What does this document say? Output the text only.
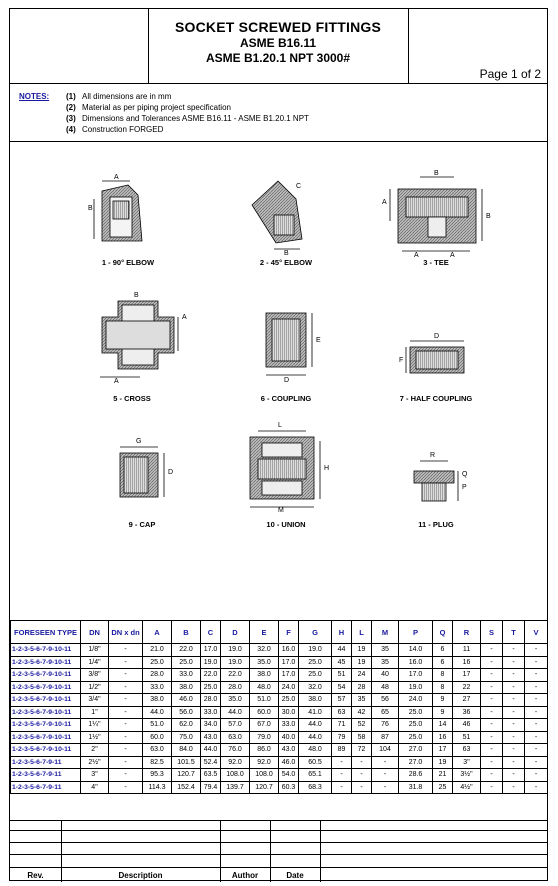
SOCKET SCREWED FITTINGS
ASME B16.11
ASME B1.20.1 NPT 3000#
Page 1 of 2
NOTES: (1) All dimensions are in mm
(2) Material as per piping project specification
(3) Dimensions and Tolerances ASME B16.11 - ASME B1.20.1 NPT
(4) Construction FORGED
A
B
C
B
B
A
B
A	A
B
A
A
E
D
D
F
G
D
L
H
M
R
Q
P
1 - 90° ELBOW	2 - 45° ELBOW	3 - TEE
5 - CROSS	6 - COUPLING	7 - HALF COUPLING
9 - CAP	10 - UNION	11 - PLUG
FORESEEN TYPE	DN	DN x dn	A	B	C	D	E	F	G	H	L	M	P	Q	R	S	T	V
1-2-3-5-6-7-9-10-11	1/8"	-	21.0	22.0	17.0	19.0	32.0	16.0	19.0	44	19	35	14.0	6	11	-	-	-
1-2-3-5-6-7-9-10-11	1/4"	-	25.0	25.0	19.0	19.0	35.0	17.0	25.0	45	19	35	16.0	6	16	-	-	-
1-2-3-5-6-7-9-10-11	3/8"	-	28.0	33.0	22.0	22.0	38.0	17.0	25.0	51	24	40	17.0	8	17	-	-	-
1-2-3-5-6-7-9-10-11	1/2"	-	33.0	38.0	25.0	28.0	48.0	24.0	32.0	54	28	48	19.0	8	22	-	-	-
1-2-3-5-6-7-9-10-11	3/4"	-	38.0	46.0	28.0	35.0	51.0	25.0	38.0	57	35	56	24.0	9	27	-	-	-
1-2-3-5-6-7-9-10-11	1"	-	44.0	56.0	33.0	44.0	60.0	30.0	41.0	63	42	65	25.0	9	36	-	-	-
1-2-3-5-6-7-9-10-11	1¼"	-	51.0	62.0	34.0	57.0	67.0	33.0	44.0	71	52	76	25.0	14	46	-	-	-
1-2-3-5-6-7-9-10-11	1½"	-	60.0	75.0	43.0	63.0	79.0	40.0	44.0	79	58	87	25.0	16	51	-	-	-
1-2-3-5-6-7-9-10-11	2"	-	63.0	84.0	44.0	76.0	86.0	43.0	48.0	89	72	104	27.0	17	63	-	-	-
1-2-3-5-6-7-9-11	2½"	-	82.5	101.5	52.4	92.0	92.0	46.0	60.5	-	-	-	27.0	19	3"	-	-	-
1-2-3-5-6-7-9-11	3"	-	95.3	120.7	63.5	108.0	108.0	54.0	65.1	-	-	-	28.6	21	3½"	-	-	-
1-2-3-5-6-7-9-11	4"	-	114.3	152.4	79.4	139.7	120.7	60.3	68.3	-	-	-	31.8	25	4½"	-	-	-
Rev.	Description	Author	Date
